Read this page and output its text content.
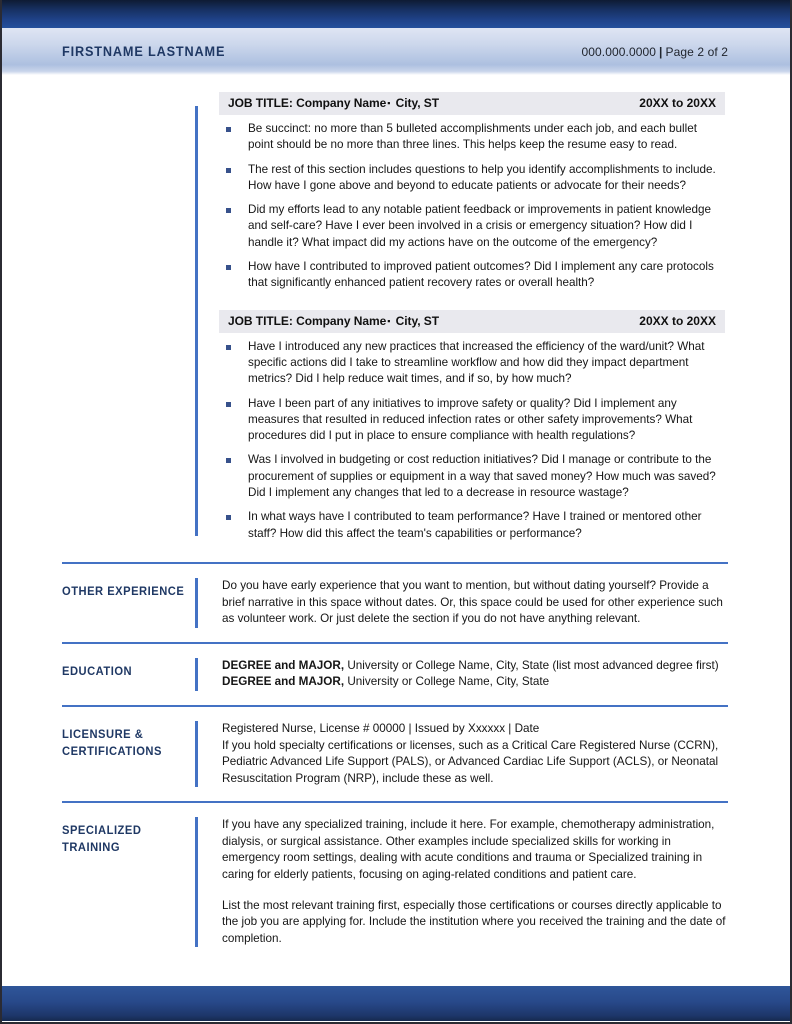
FIRSTNAME LASTNAME	000.000.0000 | Page 2 of 2
JOB TITLE: Company Name▪ City, ST	20XX to 20XX
Be succinct: no more than 5 bulleted accomplishments under each job, and each bullet point should be no more than three lines. This helps keep the resume easy to read.
The rest of this section includes questions to help you identify accomplishments to include. How have I gone above and beyond to educate patients or advocate for their needs?
Did my efforts lead to any notable patient feedback or improvements in patient knowledge and self-care? Have I ever been involved in a crisis or emergency situation? How did I handle it? What impact did my actions have on the outcome of the emergency?
How have I contributed to improved patient outcomes? Did I implement any care protocols that significantly enhanced patient recovery rates or overall health?
JOB TITLE: Company Name▪ City, ST	20XX to 20XX
Have I introduced any new practices that increased the efficiency of the ward/unit? What specific actions did I take to streamline workflow and how did they impact department metrics? Did I help reduce wait times, and if so, by how much?
Have I been part of any initiatives to improve safety or quality? Did I implement any measures that resulted in reduced infection rates or other safety improvements? What procedures did I put in place to ensure compliance with health regulations?
Was I involved in budgeting or cost reduction initiatives? Did I manage or contribute to the procurement of supplies or equipment in a way that saved money? How much was saved? Did I implement any changes that led to a decrease in resource wastage?
In what ways have I contributed to team performance? Have I trained or mentored other staff? How did this affect the team's capabilities or performance?
OTHER EXPERIENCE	Do you have early experience that you want to mention, but without dating yourself? Provide a brief narrative in this space without dates. Or, this space could be used for other experience such as volunteer work. Or just delete the section if you do not have anything relevant.

EDUCATION	DEGREE and MAJOR, University or College Name, City, State (list most advanced degree first)
DEGREE and MAJOR, University or College Name, City, State
LICENSURE & CERTIFICATIONS
Registered Nurse, License # 00000 | Issued by Xxxxxx | Date
If you hold specialty certifications or licenses, such as a Critical Care Registered Nurse (CCRN), Pediatric Advanced Life Support (PALS), or Advanced Cardiac Life Support (ACLS), or Neonatal Resuscitation Program (NRP), include these as well.
SPECIALIZED TRAINING

If you have any specialized training, include it here. For example, chemotherapy administration, dialysis, or surgical assistance. Other examples include specialized skills for working in emergency room settings, dealing with acute conditions and trauma or Specialized training in caring for elderly patients, focusing on aging-related conditions and patient care.

List the most relevant training first, especially those certifications or courses directly applicable to the job you are applying for. Include the institution where you received the training and the date of completion.
